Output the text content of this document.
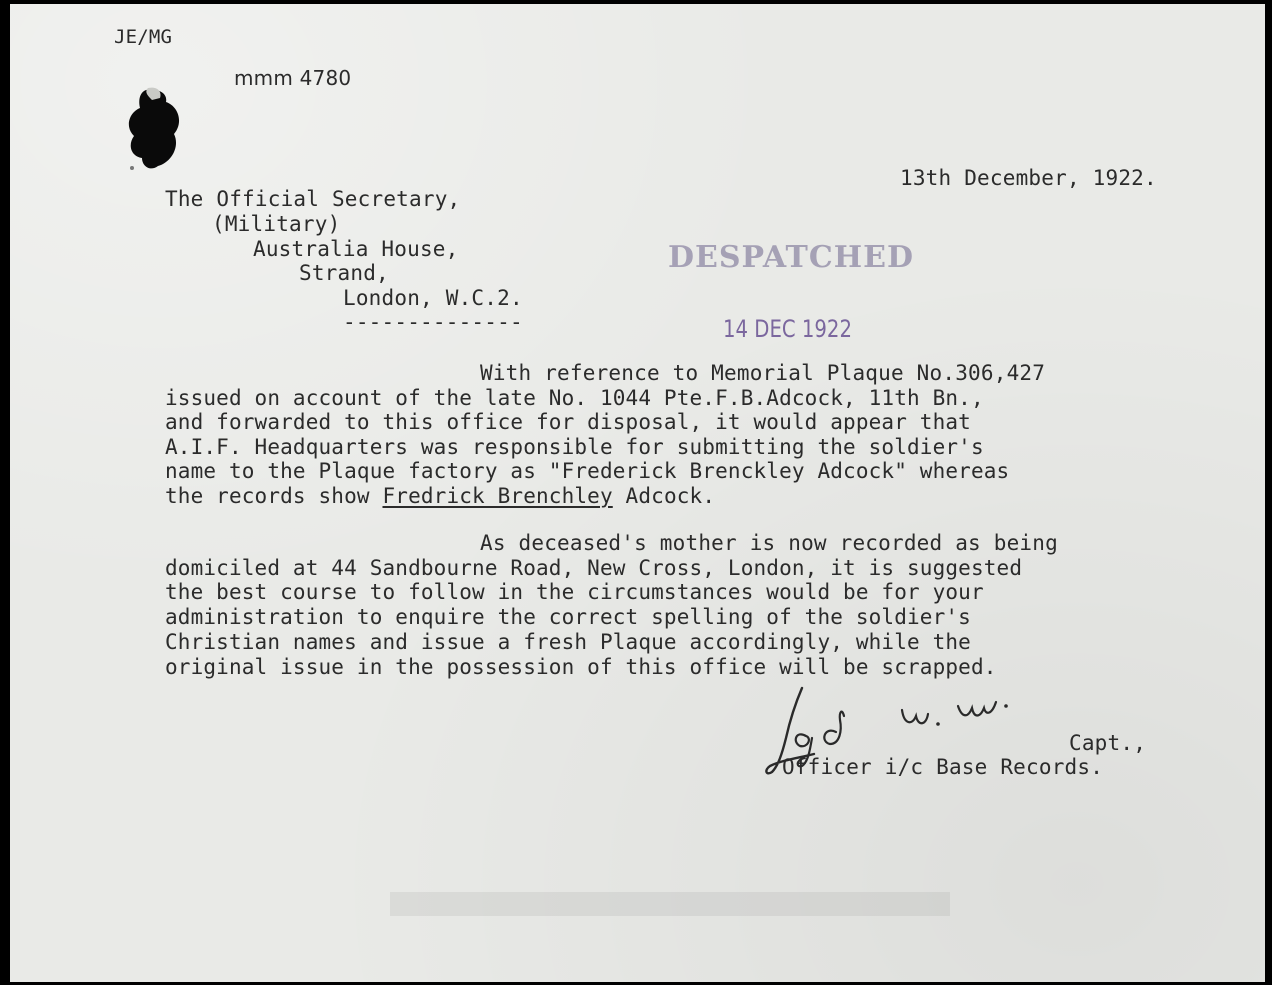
JE/MG
mmm 4780
13th December, 1922.
The Official Secretary,
(Military)
Australia House,
Strand,
London, W.C.2.
--------------
DESPATCHED
14 DEC 1922
With reference to Memorial Plaque No.306,427
issued on account of the late No. 1044 Pte.F.B.Adcock, 11th Bn.,
and forwarded to this office for disposal, it would appear that
A.I.F. Headquarters was responsible for submitting the soldier's
name to the Plaque factory as "Frederick Brenckley Adcock" whereas
the records show Fredrick Brenchley Adcock.
As deceased's mother is now recorded as being
domiciled at 44 Sandbourne Road, New Cross, London, it is suggested
the best course to follow in the circumstances would be for your
administration to enquire the correct spelling of the soldier's
Christian names and issue a fresh Plaque accordingly, while the
original issue in the possession of this office will be scrapped.
Capt.,
Officer i/c Base Records.
